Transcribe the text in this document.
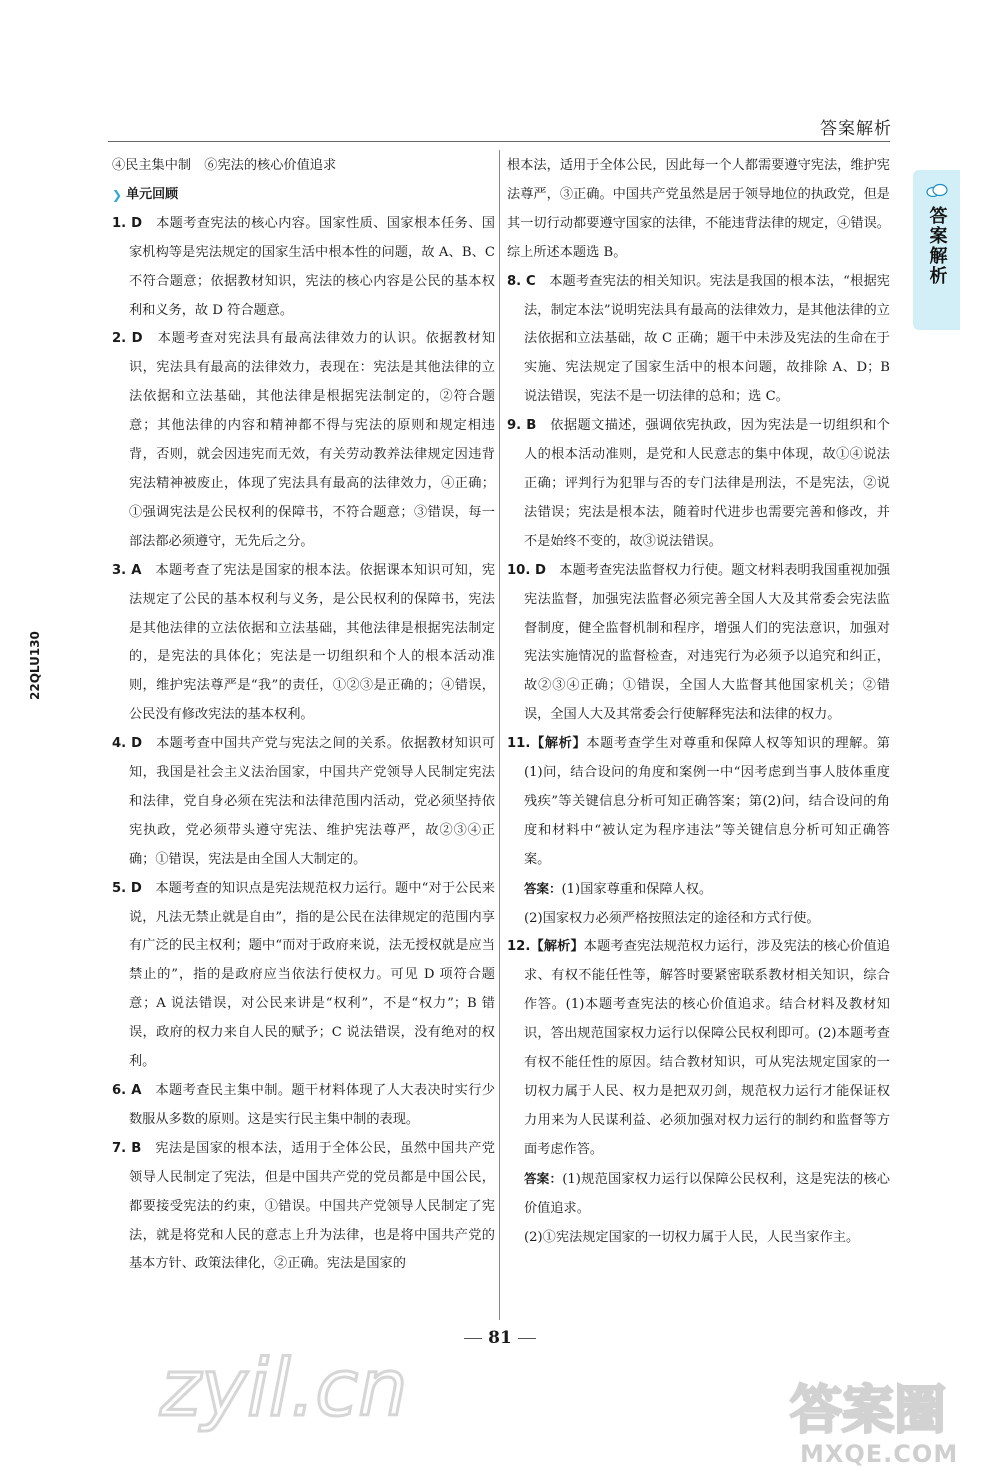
答案解析
答案解析
22QLU130

④民主集中制　⑥宪法的核心价值追求

❯ 单元回顾

1. D　 本题考查宪法的核心内容。国家性质、国家根本任务、国家机构等是宪法规定的国家生活中根本性的问题，故 A、B、C 不符合题意；依据教材知识，宪法的核心内容是公民的基本权利和义务，故 D 符合题意。

2. D　 本题考查对宪法具有最高法律效力的认识。依据教材知识，宪法具有最高的法律效力，表现在：宪法是其他法律的立法依据和立法基础，其他法律是根据宪法制定的，②符合题意；其他法律的内容和精神都不得与宪法的原则和规定相违背，否则，就会因违宪而无效，有关劳动教养法律规定因违背宪法精神被废止，体现了宪法具有最高的法律效力，④正确；①强调宪法是公民权利的保障书，不符合题意；③错误，每一部法都必须遵守，无先后之分。

3. A　 本题考查了宪法是国家的根本法。依据课本知识可知，宪法规定了公民的基本权利与义务，是公民权利的保障书，宪法是其他法律的立法依据和立法基础，其他法律是根据宪法制定的，是宪法的具体化；宪法是一切组织和个人的根本活动准则，维护宪法尊严是“我”的责任，①②③是正确的；④错误，公民没有修改宪法的基本权利。

4. D　 本题考查中国共产党与宪法之间的关系。依据教材知识可知，我国是社会主义法治国家，中国共产党领导人民制定宪法和法律，党自身必须在宪法和法律范围内活动，党必须坚持依宪执政，党必须带头遵守宪法、维护宪法尊严，故②③④正确；①错误，宪法是由全国人大制定的。

5. D　 本题考查的知识点是宪法规范权力运行。题中“对于公民来说，凡法无禁止就是自由”，指的是公民在法律规定的范围内享有广泛的民主权利；题中“而对于政府来说，法无授权就是应当禁止的”，指的是政府应当依法行使权力。可见 D 项符合题意；A 说法错误，对公民来讲是“权利”，不是“权力”；B 错误，政府的权力来自人民的赋予；C 说法错误，没有绝对的权利。

6. A　 本题考查民主集中制。题干材料体现了人大表决时实行少数服从多数的原则。这是实行民主集中制的表现。

7. B　 宪法是国家的根本法，适用于全体公民，虽然中国共产党领导人民制定了宪法，但是中国共产党的党员都是中国公民，都要接受宪法的约束，①错误。中国共产党领导人民制定了宪法，就是将党和人民的意志上升为法律，也是将中国共产党的基本方针、政策法律化，②正确。宪法是国家的

根本法，适用于全体公民，因此每一个人都需要遵守宪法，维护宪法尊严，③正确。中国共产党虽然是居于领导地位的执政党，但是其一切行动都要遵守国家的法律，不能违背法律的规定，④错误。综上所述本题选 B。

8. C　 本题考查宪法的相关知识。宪法是我国的根本法，“根据宪法，制定本法”说明宪法具有最高的法律效力，是其他法律的立法依据和立法基础，故 C 正确；题干中未涉及宪法的生命在于实施、宪法规定了国家生活中的根本问题，故排除 A、D；B 说法错误，宪法不是一切法律的总和；选 C。

9. B　 依据题文描述，强调依宪执政，因为宪法是一切组织和个人的根本活动准则，是党和人民意志的集中体现，故①④说法正确；评判行为犯罪与否的专门法律是刑法，不是宪法，②说法错误；宪法是根本法，随着时代进步也需要完善和修改，并不是始终不变的，故③说法错误。

10. D　 本题考查宪法监督权力行使。题文材料表明我国重视加强宪法监督，加强宪法监督必须完善全国人大及其常委会宪法监督制度，健全监督机制和程序，增强人们的宪法意识，加强对宪法实施情况的监督检查，对违宪行为必须予以追究和纠正，故②③④正确；①错误，全国人大监督其他国家机关；②错误，全国人大及其常委会行使解释宪法和法律的权力。

11.【解析】本题考查学生对尊重和保障人权等知识的理解。第(1)问，结合设问的角度和案例一中“因考虑到当事人肢体重度残疾”等关键信息分析可知正确答案；第(2)问，结合设问的角度和材料中“被认定为程序违法”等关键信息分析可知正确答案。

答案：(1)国家尊重和保障人权。

(2)国家权力必须严格按照法定的途径和方式行使。

12.【解析】本题考查宪法规范权力运行，涉及宪法的核心价值追求、有权不能任性等，解答时要紧密联系教材相关知识，综合作答。(1)本题考查宪法的核心价值追求。结合材料及教材知识，答出规范国家权力运行以保障公民权利即可。(2)本题考查有权不能任性的原因。结合教材知识，可从宪法规定国家的一切权力属于人民、权力是把双刃剑，规范权力运行才能保证权力用来为人民谋利益、必须加强对权力运行的制约和监督等方面考虑作答。

答案：(1)规范国家权力运行以保障公民权利，这是宪法的核心价值追求。

(2)①宪法规定国家的一切权力属于人民，人民当家作主。

81
zyil.cn	答案圈
MXQE.COM
